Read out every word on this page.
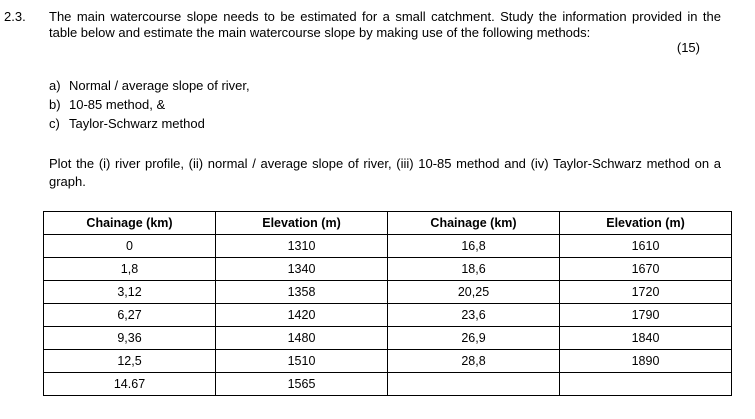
2.3. The main watercourse slope needs to be estimated for a small catchment. Study the information provided in the table below and estimate the main watercourse slope by making use of the following methods:
(15)
a) Normal / average slope of river,
b) 10-85 method, &
c) Taylor-Schwarz method
Plot the (i) river profile, (ii) normal / average slope of river, (iii) 10-85 method and (iv) Taylor-Schwarz method on a graph.
Chainage (km)	Elevation (m)	Chainage (km)	Elevation (m)
0	1310	16,8	1610
1,8	1340	18,6	1670
3,12	1358	20,25	1720
6,27	1420	23,6	1790
9,36	1480	26,9	1840
12,5	1510	28,8	1890
14.67	1565		
